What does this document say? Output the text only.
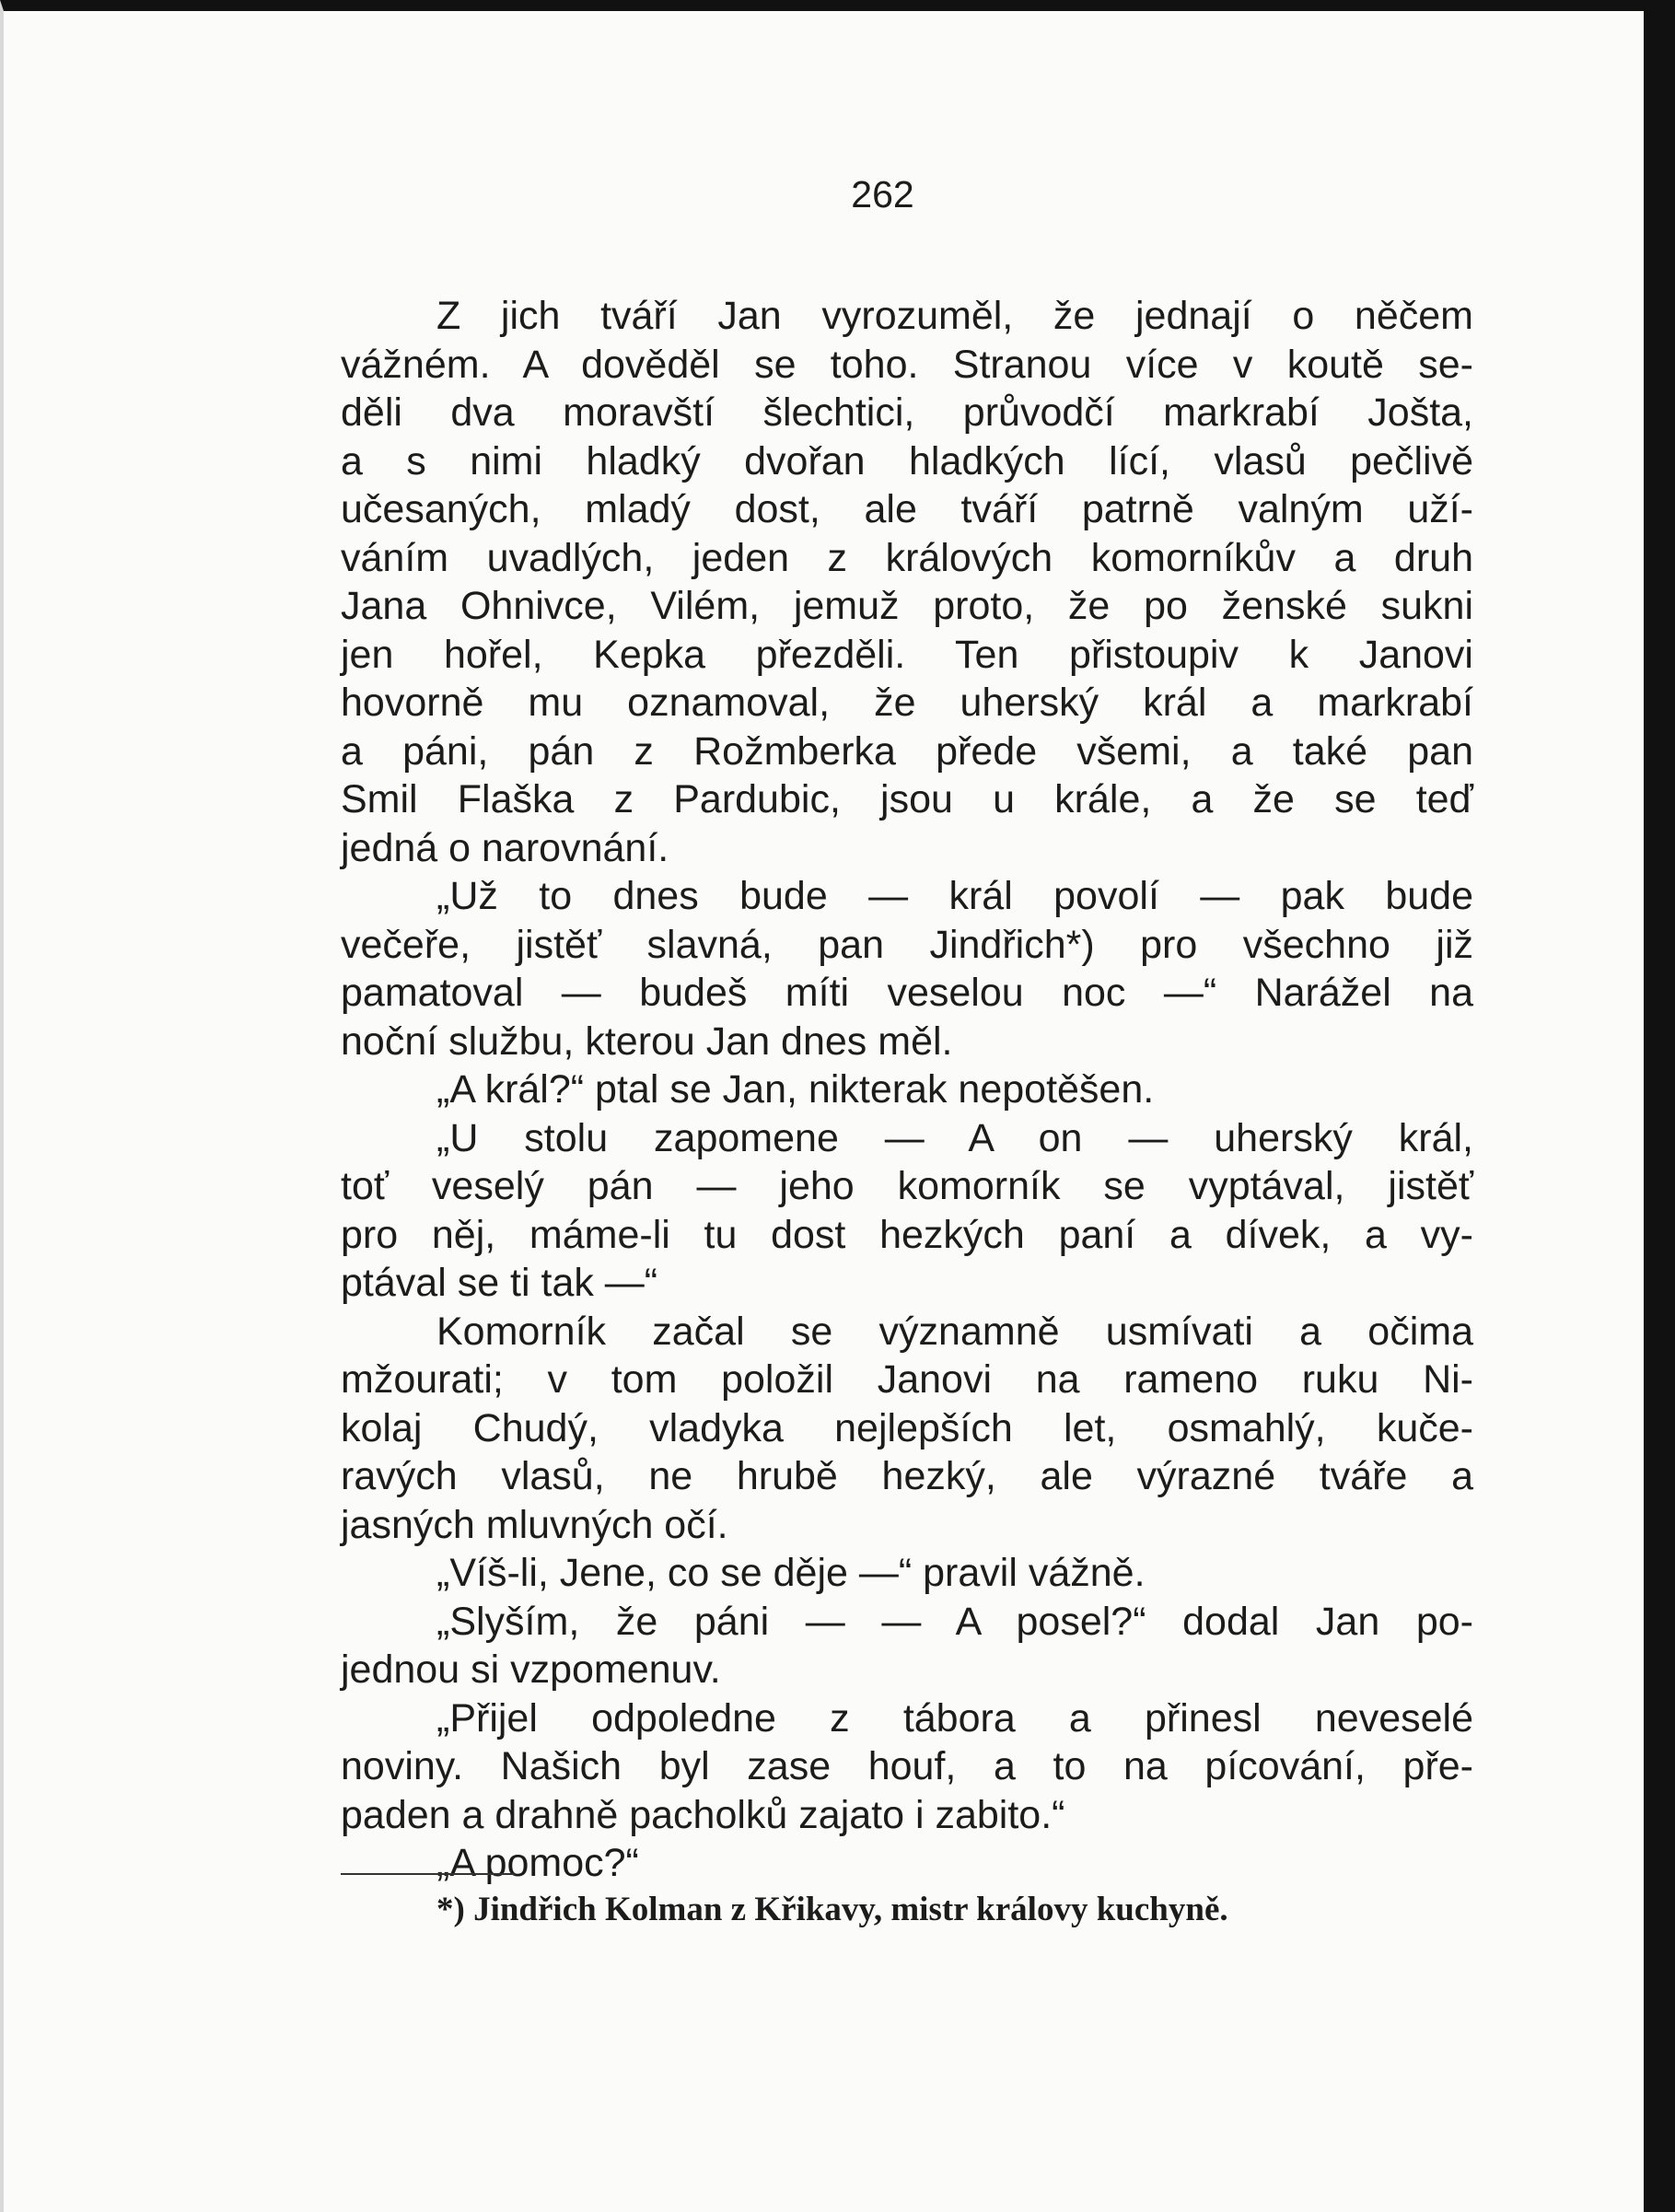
262
Z jich tváří Jan vyrozuměl, že jednají o něčem
vážném. A dověděl se toho. Stranou více v koutě se-
děli dva moravští šlechtici, průvodčí markrabí Jošta,
a s nimi hladký dvořan hladkých lící, vlasů pečlivě
učesaných, mladý dost, ale tváří patrně valným uží-
váním uvadlých, jeden z králových komorníkův a druh
Jana Ohnivce, Vilém, jemuž proto, že po ženské sukni
jen hořel, Kepka přezděli. Ten přistoupiv k Janovi
hovorně mu oznamoval, že uherský král a markrabí
a páni, pán z Rožmberka přede všemi, a také pan
Smil Flaška z Pardubic, jsou u krále, a že se teď
jedná o narovnání.
„Už to dnes bude — král povolí — pak bude
večeře, jistěť slavná, pan Jindřich*) pro všechno již
pamatoval — budeš míti veselou noc —“ Narážel na
noční službu, kterou Jan dnes měl.
„A král?“ ptal se Jan, nikterak nepotěšen.
„U stolu zapomene — A on — uherský král,
toť veselý pán — jeho komorník se vyptával, jistěť
pro něj, máme-li tu dost hezkých paní a dívek, a vy-
ptával se ti tak —“
Komorník začal se významně usmívati a očima
mžourati; v tom položil Janovi na rameno ruku Ni-
kolaj Chudý, vladyka nejlepších let, osmahlý, kuče-
ravých vlasů, ne hrubě hezký, ale výrazné tváře a
jasných mluvných očí.
„Víš-li, Jene, co se děje —“ pravil vážně.
„Slyším, že páni — — A posel?“ dodal Jan po-
jednou si vzpomenuv.
„Přijel odpoledne z tábora a přinesl neveselé
noviny. Našich byl zase houf, a to na pícování, pře-
paden a drahně pacholků zajato i zabito.“
„A pomoc?“
*) Jindřich Kolman z Křikavy, mistr královy kuchyně.
